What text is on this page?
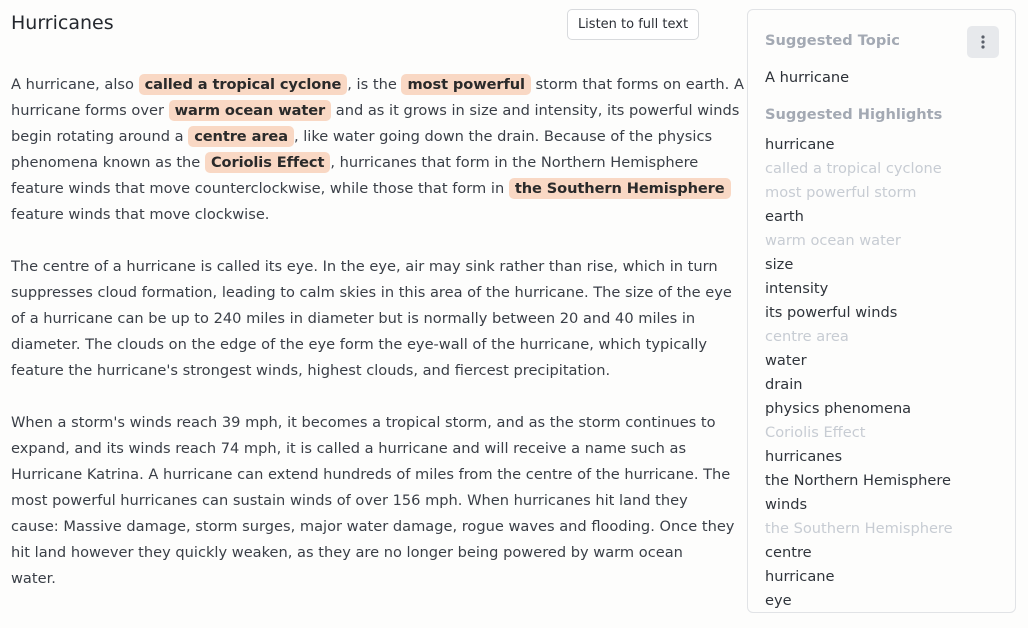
Hurricanes	Listen to full text

A hurricane, also called a tropical cyclone , is the most powerful storm that forms on earth. A
hurricane forms over warm ocean water and as it grows in size and intensity, its powerful winds
begin rotating around a centre area , like water going down the drain. Because of the physics
phenomena known as the Coriolis Effect , hurricanes that form in the Northern Hemisphere
feature winds that move counterclockwise, while those that form in the Southern Hemisphere
feature winds that move clockwise.

The centre of a hurricane is called its eye. In the eye, air may sink rather than rise, which in turn
suppresses cloud formation, leading to calm skies in this area of the hurricane. The size of the eye
of a hurricane can be up to 240 miles in diameter but is normally between 20 and 40 miles in
diameter. The clouds on the edge of the eye form the eye-wall of the hurricane, which typically
feature the hurricane's strongest winds, highest clouds, and fiercest precipitation.

When a storm's winds reach 39 mph, it becomes a tropical storm, and as the storm continues to
expand, and its winds reach 74 mph, it is called a hurricane and will receive a name such as
Hurricane Katrina. A hurricane can extend hundreds of miles from the centre of the hurricane. The
most powerful hurricanes can sustain winds of over 156 mph. When hurricanes hit land they
cause: Massive damage, storm surges, major water damage, rogue waves and flooding. Once they
hit land however they quickly weaken, as they are no longer being powered by warm ocean
water.

Suggested Topic
A hurricane
Suggested Highlights
hurricane
called a tropical cyclone
most powerful storm
earth
warm ocean water
size
intensity
its powerful winds
centre area
water
drain
physics phenomena
Coriolis Effect
hurricanes
the Northern Hemisphere
winds
the Southern Hemisphere
centre
hurricane
eye
